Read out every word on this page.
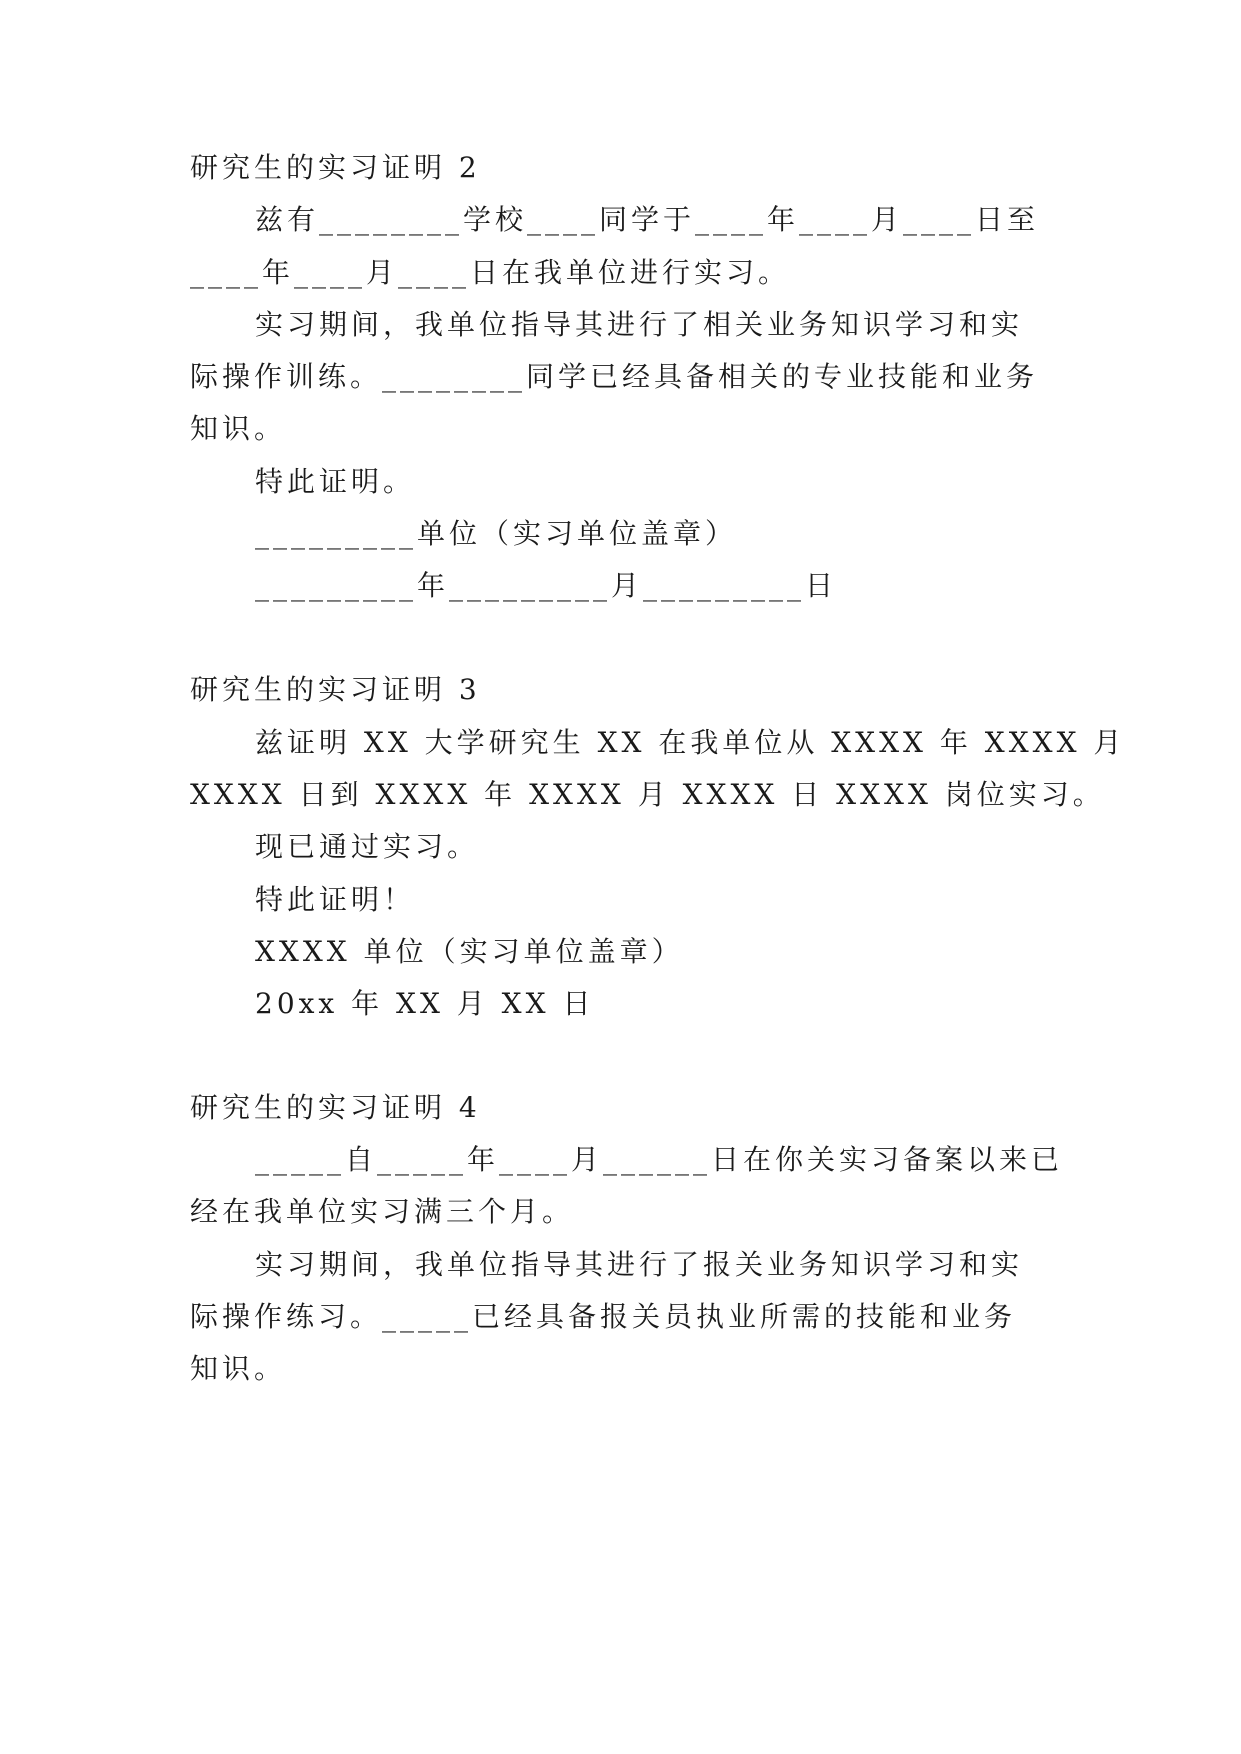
研究生的实习证明 2

兹有________学校____同学于____年____月____日至

____年____月____日在我单位进行实习。

实习期间，我单位指导其进行了相关业务知识学习和实

际操作训练。________同学已经具备相关的专业技能和业务

知识。

特此证明。

_________单位（实习单位盖章）

_________年_________月_________日

研究生的实习证明 3

兹证明 XX 大学研究生 XX 在我单位从 XXXX 年 XXXX 月

XXXX 日到 XXXX 年 XXXX 月 XXXX 日 XXXX 岗位实习。

现已通过实习。

特此证明！

XXXX 单位（实习单位盖章）

20xx 年 XX 月 XX 日

研究生的实习证明 4

_____自_____年____月______日在你关实习备案以来已

经在我单位实习满三个月。

实习期间，我单位指导其进行了报关业务知识学习和实

际操作练习。_____已经具备报关员执业所需的技能和业务

知识。
